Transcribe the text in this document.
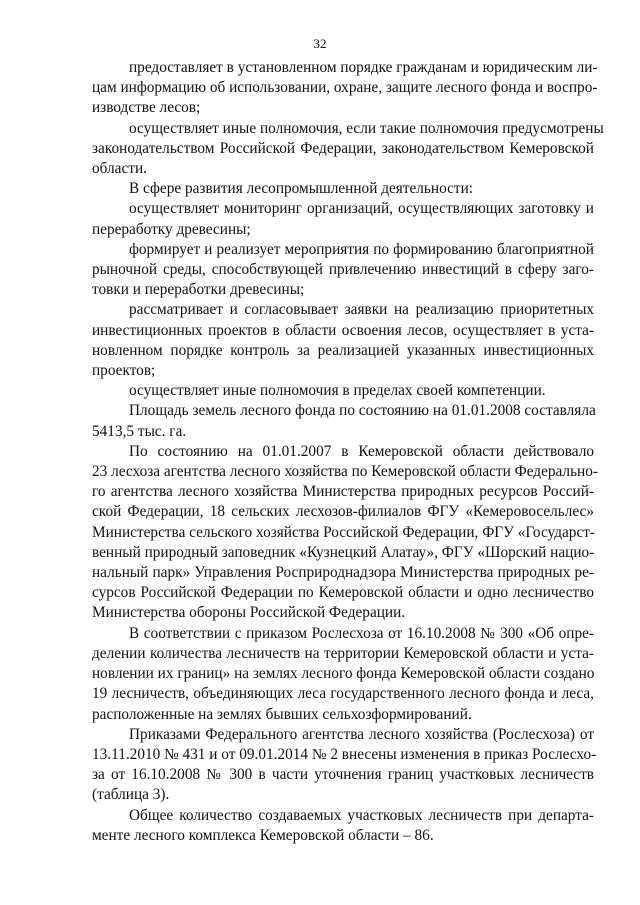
32
предоставляет в установленном порядке гражданам и юридическим ли-
цам информацию об использовании, охране, защите лесного фонда и воспро-
изводстве лесов;
осуществляет иные полномочия, если такие полномочия предусмотрены
законодательством Российской Федерации, законодательством Кемеровской
области.
В сфере развития лесопромышленной деятельности:
осуществляет мониторинг организаций, осуществляющих заготовку и
переработку древесины;
формирует и реализует мероприятия по формированию благоприятной
рыночной среды, способствующей привлечению инвестиций в сферу заго-
товки и переработки древесины;
рассматривает и согласовывает заявки на реализацию приоритетных
инвестиционных проектов в области освоения лесов, осуществляет в уста-
новленном порядке контроль за реализацией указанных инвестиционных
проектов;
осуществляет иные полномочия в пределах своей компетенции.
Площадь земель лесного фонда по состоянию на 01.01.2008 составляла
5413,5 тыс. га.
По состоянию на 01.01.2007 в Кемеровской области действовало
23 лесхоза агентства лесного хозяйства по Кемеровской области Федерально-
го агентства лесного хозяйства Министерства природных ресурсов Россий-
ской Федерации, 18 сельских лесхозов-филиалов ФГУ «Кемеровосельлес»
Министерства сельского хозяйства Российской Федерации, ФГУ «Государст-
венный природный заповедник «Кузнецкий Алатау», ФГУ «Шорский нацио-
нальный парк» Управления Росприроднадзора Министерства природных ре-
сурсов Российской Федерации по Кемеровской области и одно лесничество
Министерства обороны Российской Федерации.
В соответствии с приказом Рослесхоза от 16.10.2008 № 300 «Об опре-
делении количества лесничеств на территории Кемеровской области и уста-
новлении их границ» на землях лесного фонда Кемеровской области создано
19 лесничеств, объединяющих леса государственного лесного фонда и леса,
расположенные на землях бывших сельхозформирований.
Приказами Федерального агентства лесного хозяйства (Рослесхоза) от
13.11.2010 № 431 и от 09.01.2014 № 2 внесены изменения в приказ Рослесхо-
за от 16.10.2008 № 300 в части уточнения границ участковых лесничеств
(таблица 3).
Общее количество создаваемых участковых лесничеств при департа-
менте лесного комплекса Кемеровской области – 86.
